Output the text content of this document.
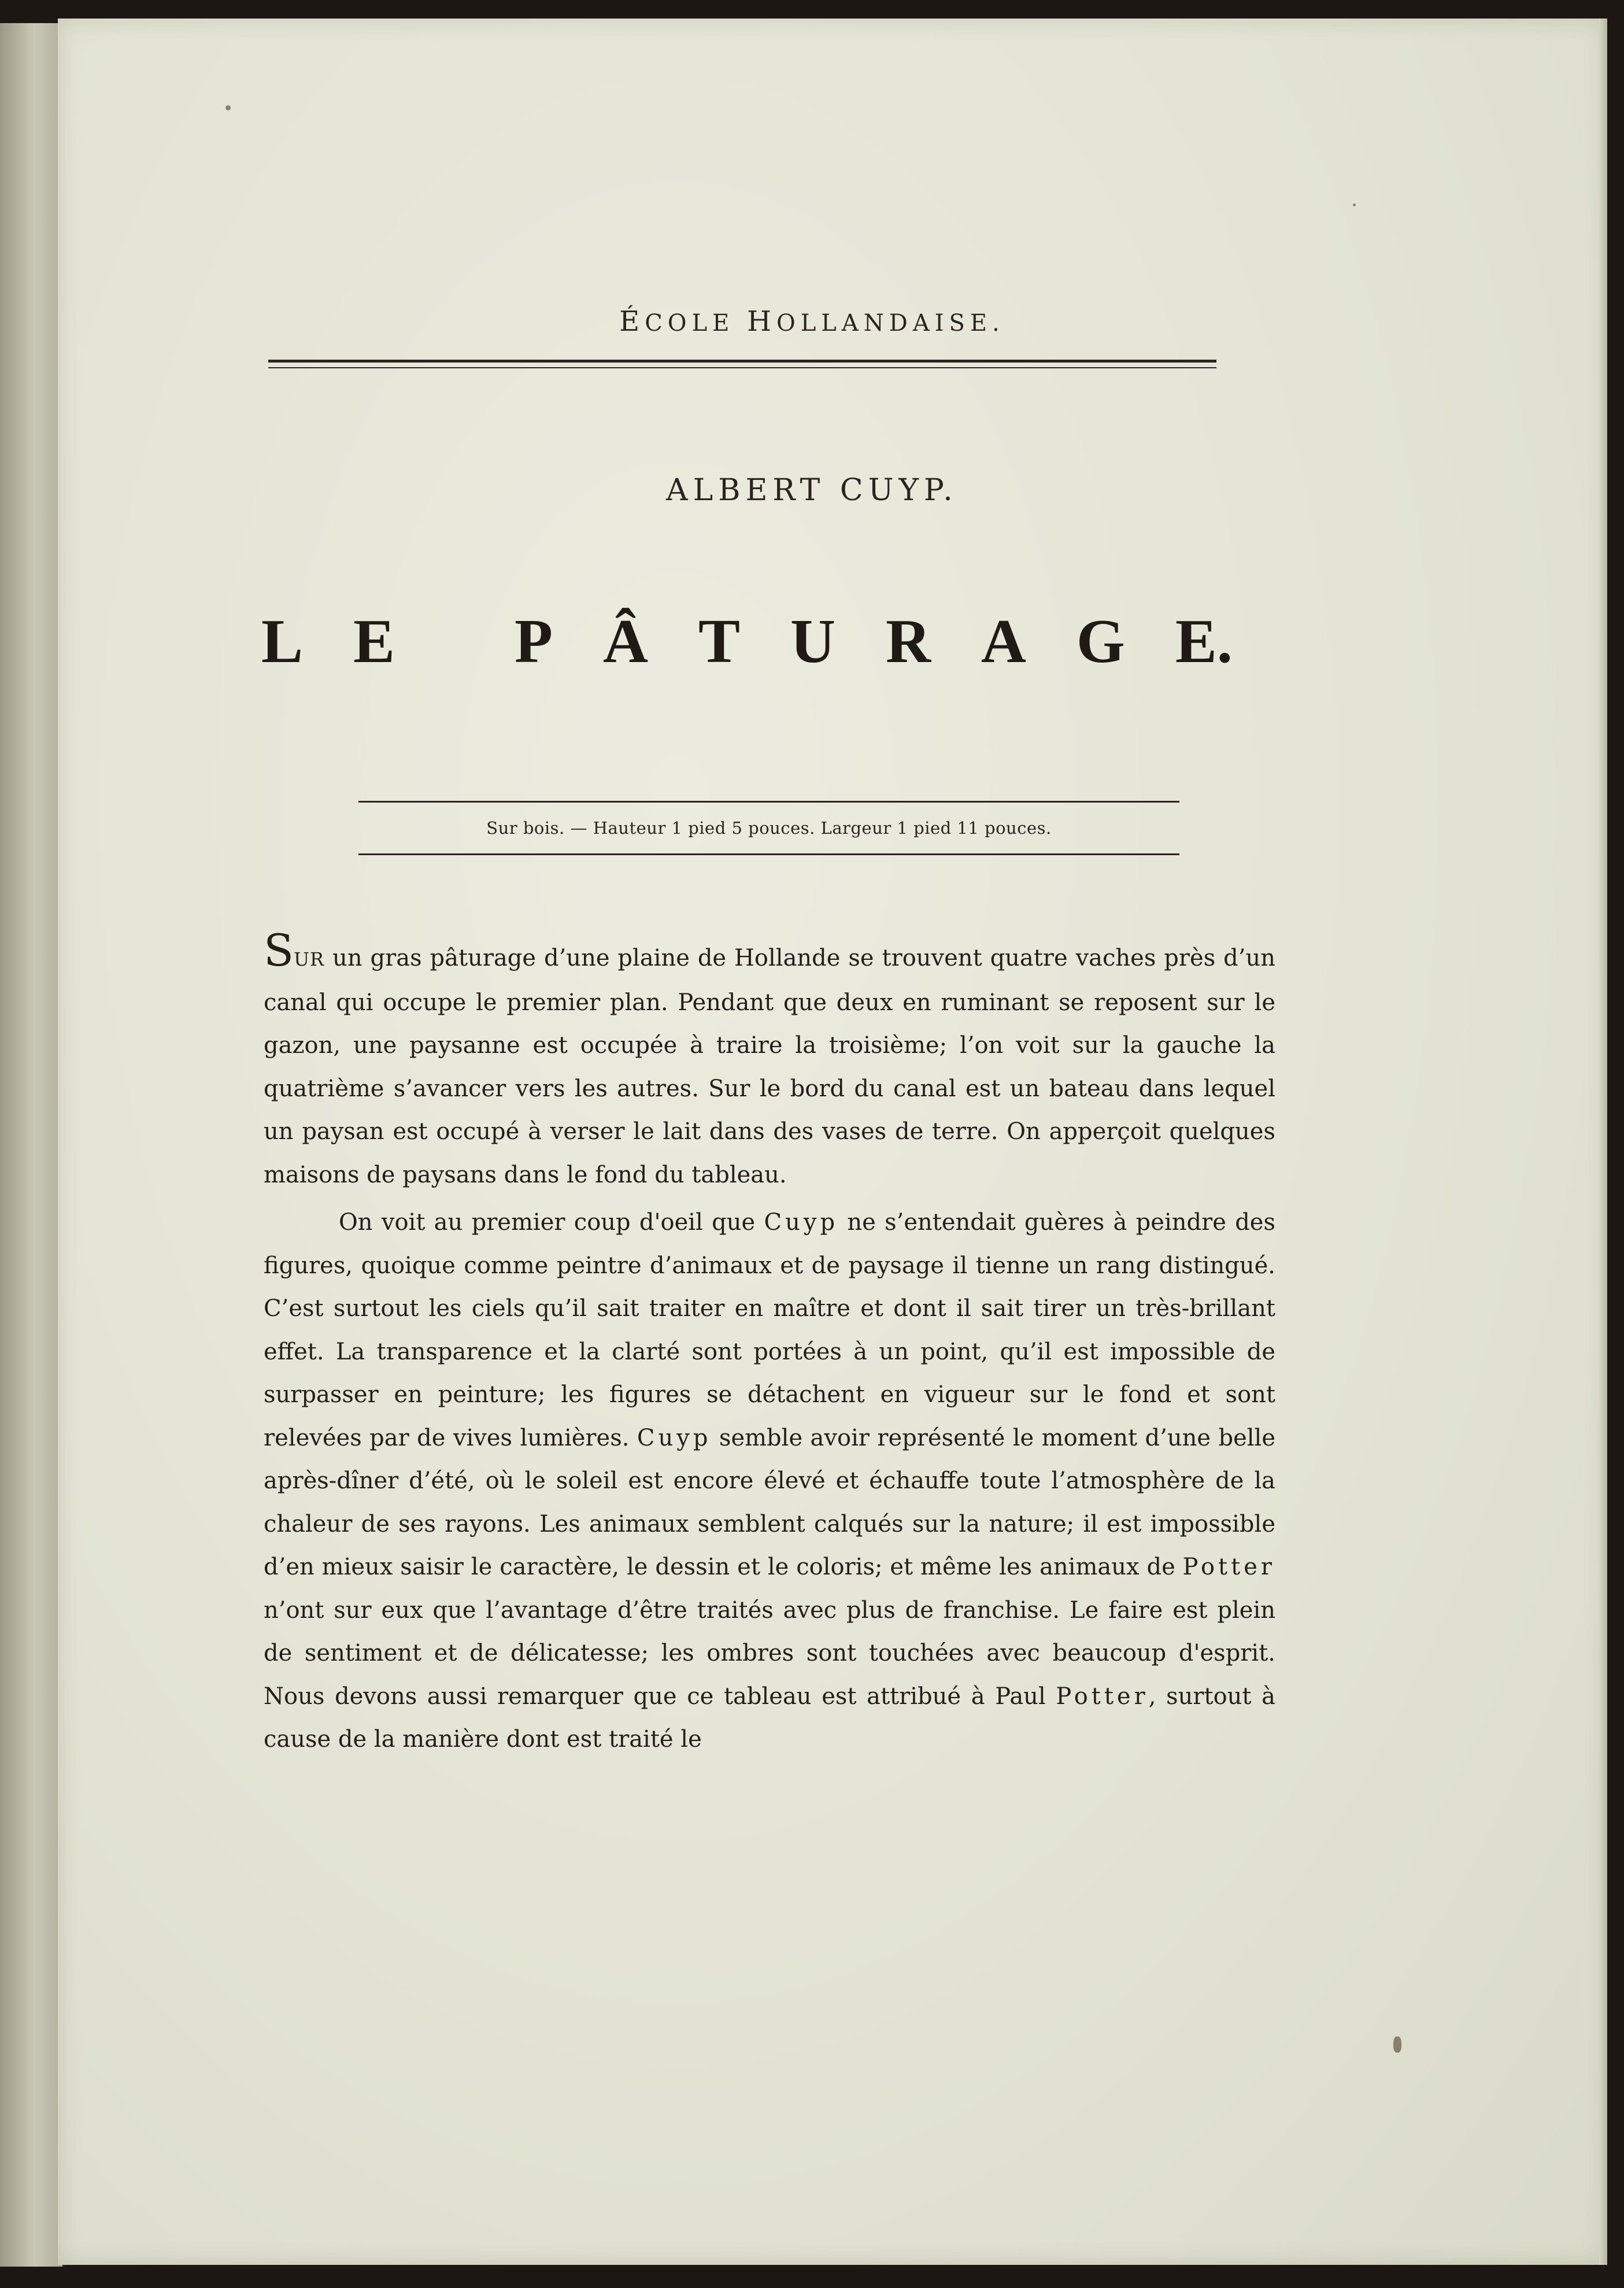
ÉCOLE HOLLANDAISE.
ALBERT CUYP.
L E P Â T U R A G E.
Sur bois. — Hauteur 1 pied 5 pouces. Largeur 1 pied 11 pouces.

SUR un gras pâturage d’une plaine de Hollande se trouvent quatre vaches près d’un canal qui occupe le premier plan. Pendant que deux en ruminant se reposent sur le gazon, une paysanne est occupée à traire la troisième; l’on voit sur la gauche la quatrième s’avancer vers les autres. Sur le bord du canal est un bateau dans lequel un paysan est occupé à verser le lait dans des vases de terre. On apperçoit quelques maisons de paysans dans le fond du tableau.

On voit au premier coup d'oeil que Cuyp ne s’entendait guères à peindre des figures, quoique comme peintre d’animaux et de paysage il tienne un rang distingué. C’est surtout les ciels qu’il sait traiter en maître et dont il sait tirer un très-brillant effet. La transparence et la clarté sont portées à un point, qu’il est impossible de surpasser en peinture; les figures se détachent en vigueur sur le fond et sont relevées par de vives lumières. Cuyp semble avoir représenté le moment d’une belle après-dîner d’été, où le soleil est encore élevé et échauffe toute l’atmosphère de la chaleur de ses rayons. Les animaux semblent calqués sur la nature; il est impossible d’en mieux saisir le caractère, le dessin et le coloris; et même les animaux de Potter n’ont sur eux que l’avantage d’être traités avec plus de franchise. Le faire est plein de sentiment et de délicatesse; les ombres sont touchées avec beaucoup d'esprit. Nous devons aussi remarquer que ce tableau est attribué à Paul Potter, surtout à cause de la manière dont est traité le
